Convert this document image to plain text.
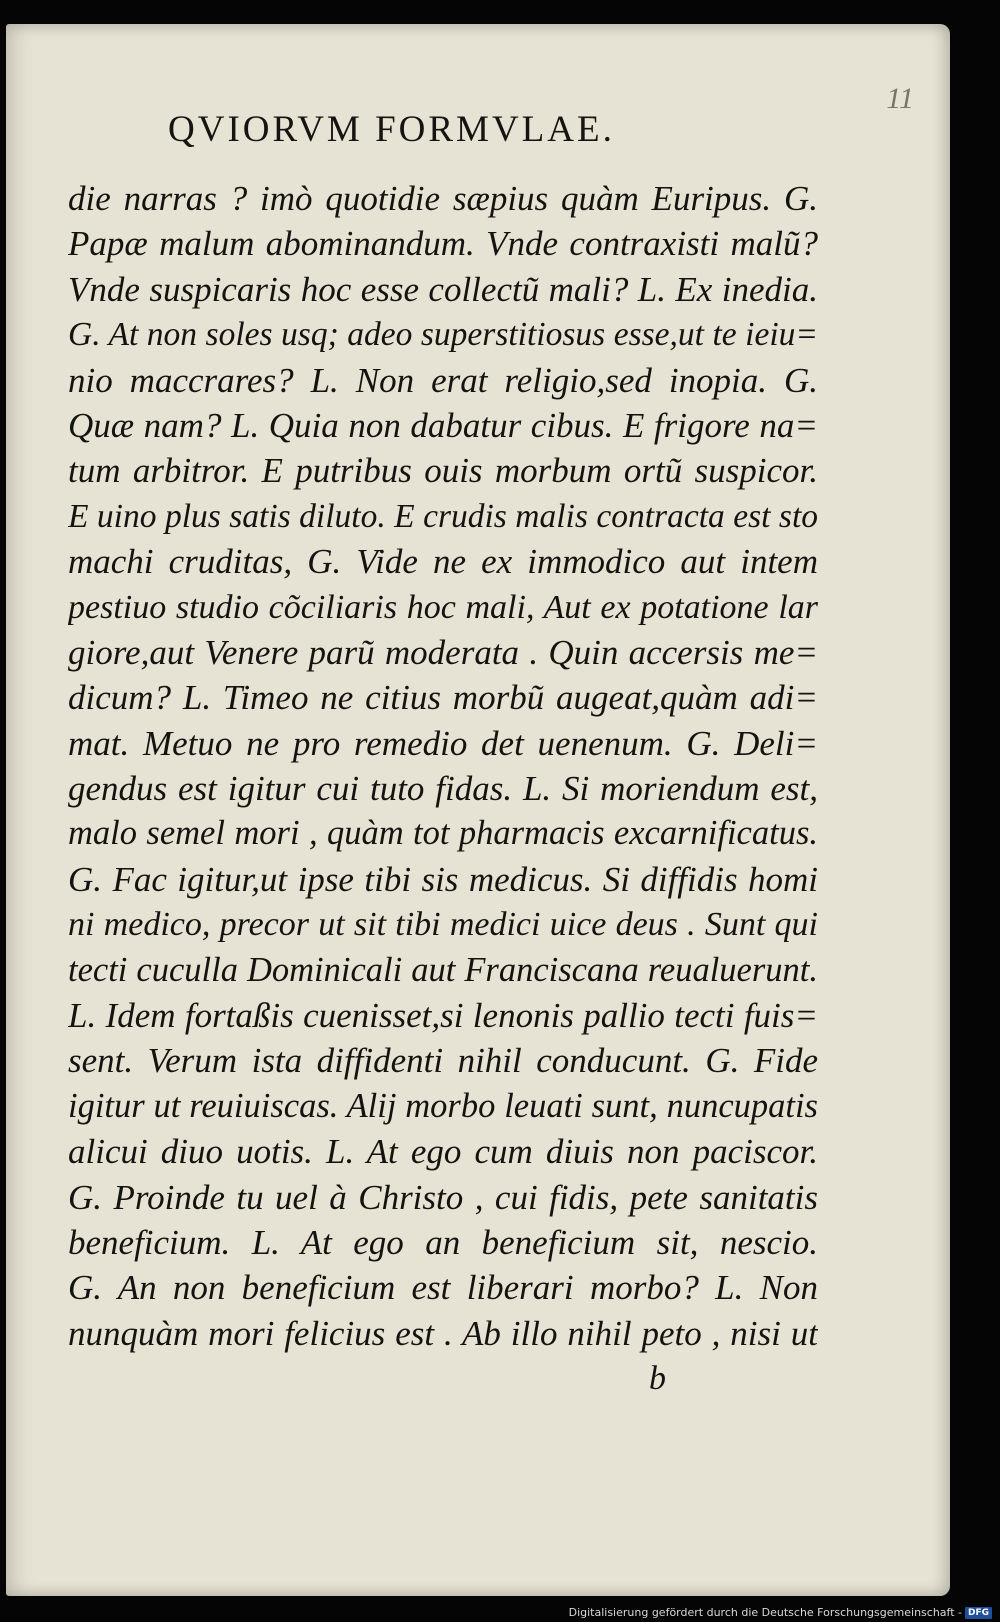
11
QVIORVM FORMVLAE.
die narras ? imò quotidie sæpius quàm Euripus. G.
Papæ malum abominandum. Vnde contraxisti malũ?
Vnde suspicaris hoc esse collectũ mali? L. Ex inedia.
G. At non soles usq; adeo superstitiosus esse,ut te ieiu=
nio maccrares? L. Non erat religio,sed inopia. G.
Quæ nam? L. Quia non dabatur cibus. E frigore na=
tum arbitror. E putribus ouis morbum ortũ suspicor.
E uino plus satis diluto. E crudis malis contracta est sto
machi cruditas, G. Vide ne ex immodico aut intem
pestiuo studio cõciliaris hoc mali, Aut ex potatione lar
giore,aut Venere parũ moderata . Quin accersis me=
dicum? L. Timeo ne citius morbũ augeat,quàm adi=
mat. Metuo ne pro remedio det uenenum. G. Deli=
gendus est igitur cui tuto fidas. L. Si moriendum est,
malo semel mori , quàm tot pharmacis excarnificatus.
G. Fac igitur,ut ipse tibi sis medicus. Si diffidis homi
ni medico, precor ut sit tibi medici uice deus . Sunt qui
tecti cuculla Dominicali aut Franciscana reualuerunt.
L. Idem fortaßis cuenisset,si lenonis pallio tecti fuis=
sent. Verum ista diffidenti nihil conducunt. G. Fide
igitur ut reuiuiscas. Alij morbo leuati sunt, nuncupatis
alicui diuo uotis. L. At ego cum diuis non paciscor.
G. Proinde tu uel à Christo , cui fidis, pete sanitatis
beneficium. L. At ego an beneficium sit, nescio.
G. An non beneficium est liberari morbo? L. Non
nunquàm mori felicius est . Ab illo nihil peto , nisi ut
b
Digitalisierung gefördert durch die Deutsche Forschungsgemeinschaft - DFG
